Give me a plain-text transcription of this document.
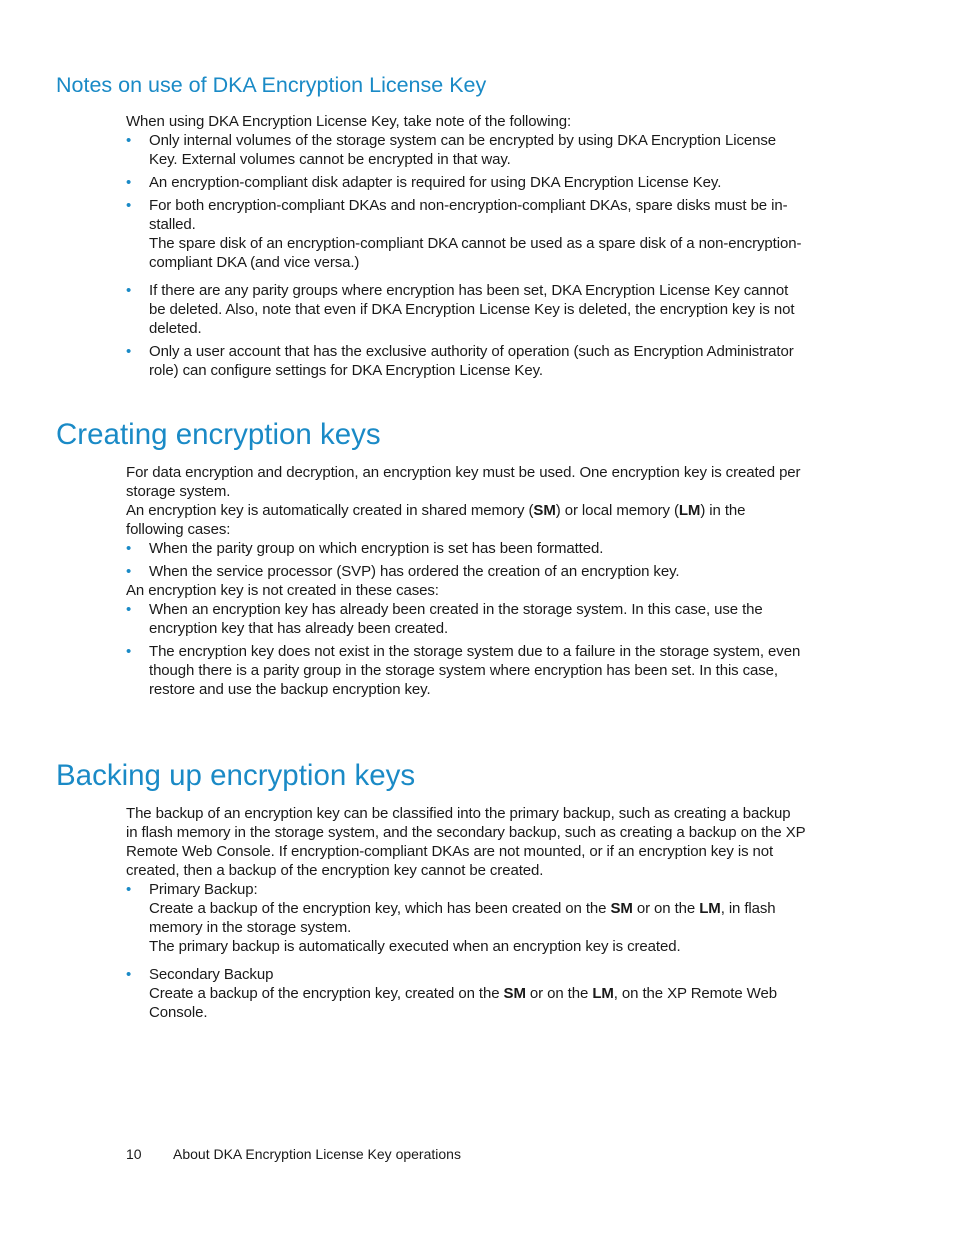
Notes on use of DKA Encryption License Key

When using DKA Encryption License Key, take note of the following:

• Only internal volumes of the storage system can be encrypted by using DKA Encryption License Key. External volumes cannot be encrypted in that way.

• An encryption-compliant disk adapter is required for using DKA Encryption License Key.

• For both encryption-compliant DKAs and non-encryption-compliant DKAs, spare disks must be in-stalled.

The spare disk of an encryption-compliant DKA cannot be used as a spare disk of a non-encryption-compliant DKA (and vice versa.)

• If there are any parity groups where encryption has been set, DKA Encryption License Key cannot be deleted. Also, note that even if DKA Encryption License Key is deleted, the encryption key is not deleted.

• Only a user account that has the exclusive authority of operation (such as Encryption Administrator role) can configure settings for DKA Encryption License Key.

Creating encryption keys

For data encryption and decryption, an encryption key must be used. One encryption key is created per storage system.

An encryption key is automatically created in shared memory (SM) or local memory (LM) in the following cases:

• When the parity group on which encryption is set has been formatted.

• When the service processor (SVP) has ordered the creation of an encryption key.

An encryption key is not created in these cases:

• When an encryption key has already been created in the storage system. In this case, use the encryption key that has already been created.

• The encryption key does not exist in the storage system due to a failure in the storage system, even though there is a parity group in the storage system where encryption has been set. In this case, restore and use the backup encryption key.

Backing up encryption keys

The backup of an encryption key can be classified into the primary backup, such as creating a backup in flash memory in the storage system, and the secondary backup, such as creating a backup on the XP Remote Web Console. If encryption-compliant DKAs are not mounted, or if an encryption key is not created, then a backup of the encryption key cannot be created.

• Primary Backup:

Create a backup of the encryption key, which has been created on the SM or on the LM, in flash memory in the storage system.

The primary backup is automatically executed when an encryption key is created.

• Secondary Backup

Create a backup of the encryption key, created on the SM or on the LM, on the XP Remote Web Console.

10 About DKA Encryption License Key operations
